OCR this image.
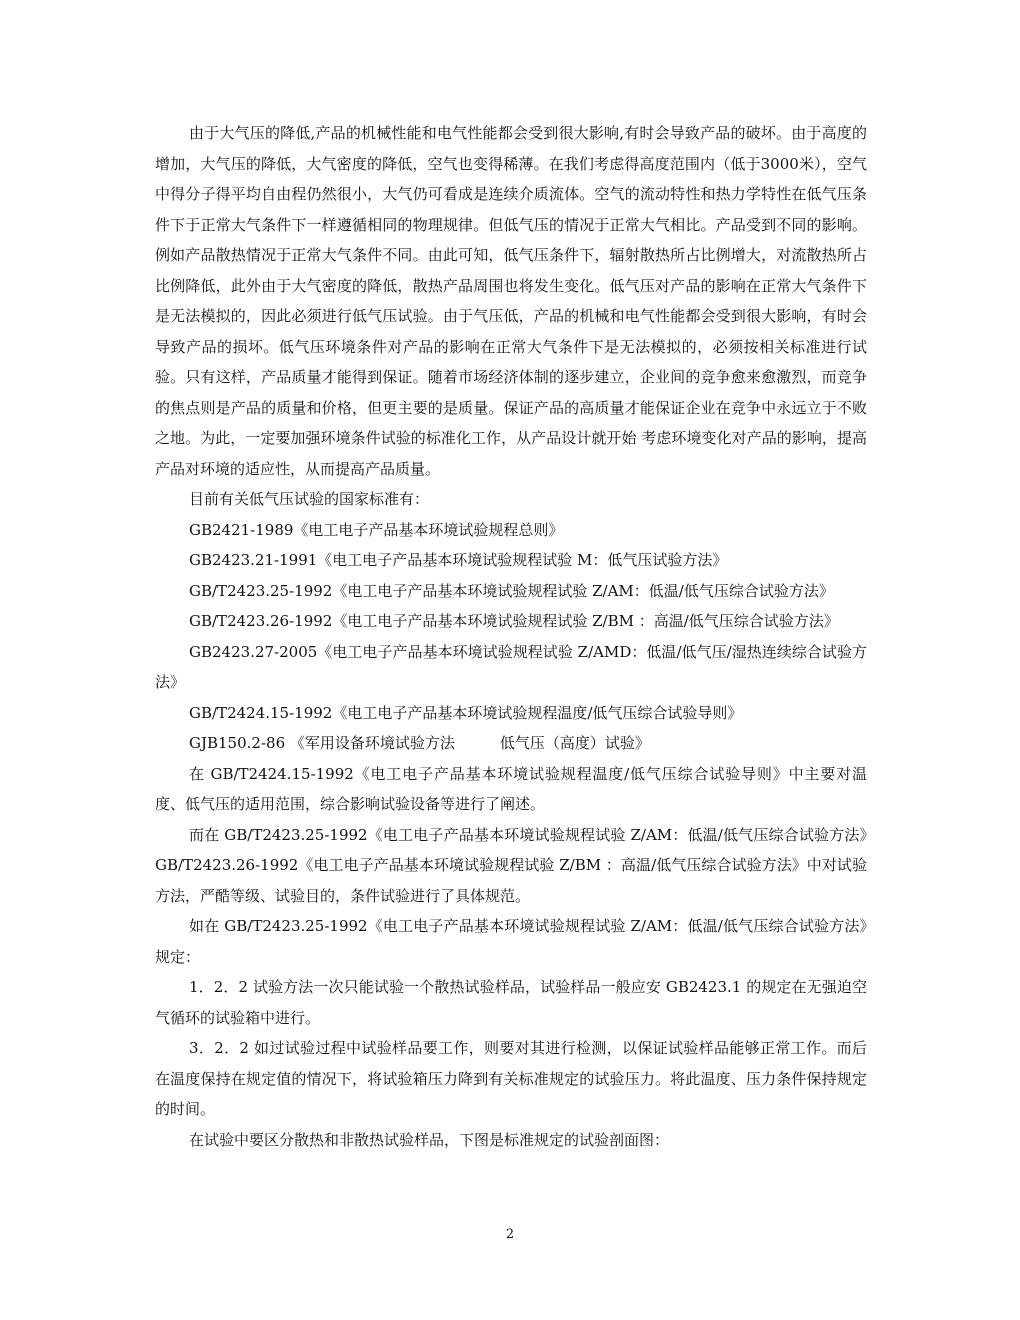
由于大气压的降低,产品的机械性能和电气性能都会受到很大影响,有时会导致产品的破坏。由于高度的增加，大气压的降低，大气密度的降低，空气也变得稀薄。在我们考虑得高度范围内（低于3000米），空气中得分子得平均自由程仍然很小，大气仍可看成是连续介质流体。空气的流动特性和热力学特性在低气压条件下于正常大气条件下一样遵循相同的物理规律。但低气压的情况于正常大气相比。产品受到不同的影响。例如产品散热情况于正常大气条件不同。由此可知，低气压条件下，辐射散热所占比例增大，对流散热所占比例降低，此外由于大气密度的降低，散热产品周围也将发生变化。低气压对产品的影响在正常大气条件下是无法模拟的，因此必须进行低气压试验。由于气压低，产品的机械和电气性能都会受到很大影响，有时会导致产品的损坏。低气压环境条件对产品的影响在正常大气条件下是无法模拟的，必须按相关标准进行试验。只有这样，产品质量才能得到保证。随着市场经济体制的逐步建立，企业间的竞争愈来愈激烈，而竞争的焦点则是产品的质量和价格，但更主要的是质量。保证产品的高质量才能保证企业在竞争中永远立于不败之地。为此，一定要加强环境条件试验的标准化工作，从产品设计就开始 考虑环境变化对产品的影响，提高产品对环境的适应性，从而提高产品质量。

目前有关低气压试验的国家标准有：

GB2421-1989《电工电子产品基本环境试验规程总则》

GB2423.21-1991《电工电子产品基本环境试验规程试验 M：低气压试验方法》

GB/T2423.25-1992《电工电子产品基本环境试验规程试验 Z/AM：低温/低气压综合试验方法》

GB/T2423.26-1992《电工电子产品基本环境试验规程试验 Z/BM ：高温/低气压综合试验方法》

GB2423.27-2005《电工电子产品基本环境试验规程试验 Z/AMD：低温/低气压/湿热连续综合试验方法》

GB/T2424.15-1992《电工电子产品基本环境试验规程温度/低气压综合试验导则》

GJB150.2-86 《军用设备环境试验方法　　　低气压（高度）试验》

在 GB/T2424.15-1992《电工电子产品基本环境试验规程温度/低气压综合试验导则》中主要对温度、低气压的适用范围，综合影响试验设备等进行了阐述。

而在 GB/T2423.25-1992《电工电子产品基本环境试验规程试验 Z/AM：低温/低气压综合试验方法》GB/T2423.26-1992《电工电子产品基本环境试验规程试验 Z/BM ：高温/低气压综合试验方法》中对试验方法，严酷等级、试验目的，条件试验进行了具体规范。

如在 GB/T2423.25-1992《电工电子产品基本环境试验规程试验 Z/AM：低温/低气压综合试验方法》规定：

1．2．2 试验方法一次只能试验一个散热试验样品，试验样品一般应安 GB2423.1 的规定在无强迫空气循环的试验箱中进行。

3．2．2 如过试验过程中试验样品要工作，则要对其进行检测，以保证试验样品能够正常工作。而后在温度保持在规定值的情况下，将试验箱压力降到有关标准规定的试验压力。将此温度、压力条件保持规定的时间。

在试验中要区分散热和非散热试验样品，下图是标准规定的试验剖面图：

2
